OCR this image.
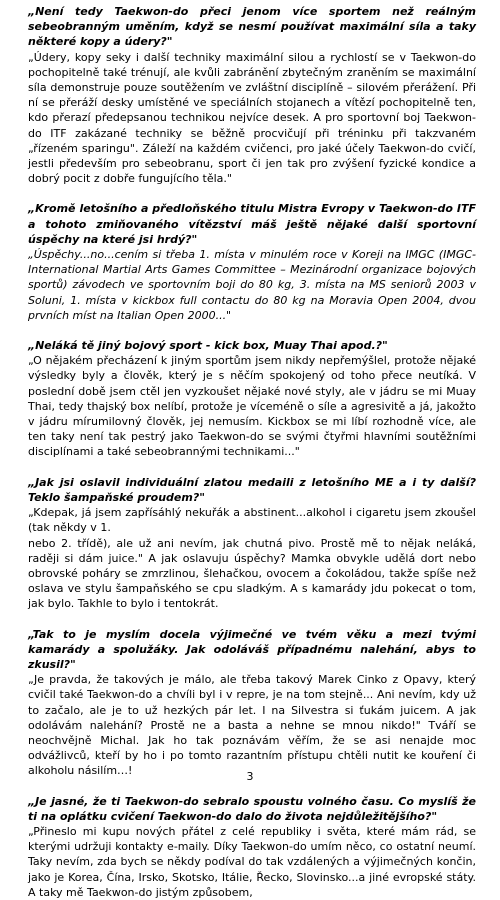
„Není tedy Taekwon-do přeci jenom více sportem než reálným sebeobranným uměním, když se nesmí používat maximální síla a taky některé kopy a údery?"

„Údery, kopy seky i další techniky maximální silou a rychlostí se v Taekwon-do pochopitelně také trénují, ale kvůli zabránění zbytečným zraněním se maximální síla demonstruje pouze soutěžením ve zvláštní disciplíně – silovém přerážení. Při ní se přeráží desky umístěné ve speciálních stojanech a vítězí pochopitelně ten, kdo přerazí předepsanou technikou nejvíce desek. A pro sportovní boj Taekwon-do ITF zakázané techniky se běžně procvičují při tréninku při takzvaném „řízeném sparingu". Záleží na každém cvičenci, pro jaké účely Taekwon-do cvičí, jestli především pro sebeobranu, sport či jen tak pro zvýšení fyzické kondice a dobrý pocit z dobře fungujícího těla."

„Kromě letošního a předloňského titulu Mistra Evropy v Taekwon-do ITF a tohoto zmiňovaného vítězství máš ještě nějaké další sportovní úspěchy na které jsi hrdý?"

„Úspěchy...no...cením si třeba 1. místa v minulém roce v Koreji na IMGC (IMGC-International Martial Arts Games Committee – Mezinárodní organizace bojových sportů) závodech ve sportovním boji do 80 kg, 3. místa na MS seniorů 2003 v Soluni, 1. místa v kickbox full contactu do 80 kg na Moravia Open 2004, dvou prvních míst na Italian Open 2000..."

„Neláká tě jiný bojový sport - kick box, Muay Thai apod.?"

„O nějakém přecházení k jiným sportům jsem nikdy nepřemýšlel, protože nějaké výsledky byly a člověk, který je s něčím spokojený od toho přece neutíká. V poslední době jsem ctěl jen vyzkoušet nějaké nové styly, ale v jádru se mi Muay Thai, tedy thajský box nelíbí, protože je víceméně o síle a agresivitě a já, jakožto v jádru mírumilovný člověk, jej nemusím. Kickbox se mi líbí rozhodně více, ale ten taky není tak pestrý jako Taekwon-do se svými čtyřmi hlavními soutěžními disciplínami a také sebeobrannými technikami..."

„Jak jsi oslavil individuální zlatou medaili z letošního ME a i ty další? Teklo šampaňské proudem?"

„Kdepak, já jsem zapřísáhlý nekuřák a abstinent...alkohol i cigaretu jsem zkoušel (tak někdy v 1.

nebo 2. třídě), ale už ani nevím, jak chutná pivo. Prostě mě to nějak neláká, raději si dám juice." A jak oslavuju úspěchy? Mamka obvykle udělá dort nebo obrovské poháry se zmrzlinou, šlehačkou, ovocem a čokoládou, takže spíše než oslava ve stylu šampaňského se cpu sladkým. A s kamarády jdu pokecat o tom, jak bylo. Takhle to bylo i tentokrát.

„Tak to je myslím docela výjimečné ve tvém věku a mezi tvými kamarády a spolužáky. Jak odoláváš případnému nalehání, abys to zkusil?"

„Je pravda, že takových je málo, ale třeba takový Marek Cinko z Opavy, který cvičil také Taekwon-do a chvíli byl i v repre, je na tom stejně... Ani nevím, kdy už to začalo, ale je to už hezkých pár let. I na Silvestra si ťukám juicem. A jak odolávám nalehání? Prostě ne a basta a nehne se mnou nikdo!" Tváří se neochvějně Michal. Jak ho tak poznávám věřím, že se asi nenajde moc odvážlivců, kteří by ho i po tomto razantním přístupu chtěli nutit ke kouření či alkoholu násilím…!

„Je jasné, že ti Taekwon-do sebralo spoustu volného času. Co myslíš že ti na oplátku cvičení Taekwon-do dalo do života nejdůležitějšího?"

„Přineslo mi kupu nových přátel z celé republiky i světa, které mám rád, se kterými udržuji kontakty e-maily. Díky Taekwon-do umím něco, co ostatní neumí. Taky nevím, zda bych se někdy podíval do tak vzdálených a výjimečných končin, jako je Korea, Čína, Irsko, Skotsko, Itálie, Řecko, Slovinsko...a jiné evropské státy. A taky mě Taekwon-do jistým způsobem,

3
